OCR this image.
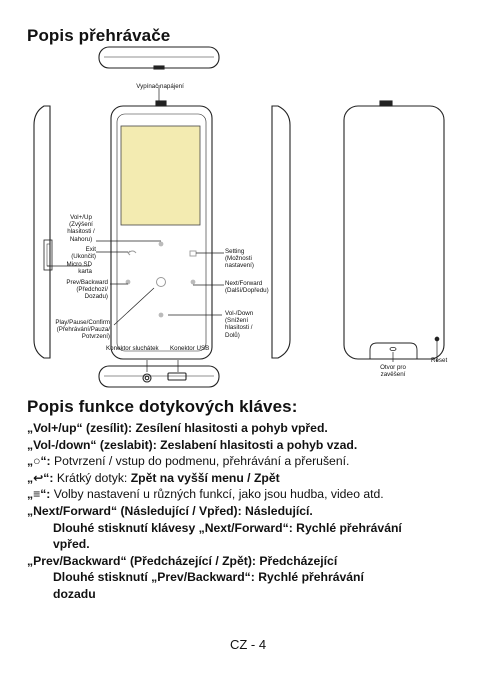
Popis přehrávače
Vypínač napájení
Vol+/Up
(Zvýšení
hlasitosti /
Nahoru)
Exit
(Ukončit)
Micro SD
karta
Prev/Backward
(Předchozí/
Dozadu)
Play/Pause/Confirm
(Přehrávání/Pauza/
Potvrzení)
Setting
(Možnosti
nastavení)
Next/Forward
(Další/Dopředu)
Vol-/Down
(Snížení
hlasitosti /
Dolů)
Konektor sluchátek	Konektor USB
Otvor pro
zavěšení
Reset
Popis funkce dotykových kláves:
„Vol+/up“ (zesílit): Zesílení hlasitosti a pohyb vpřed.
„Vol-/down“ (zeslabit): Zeslabení hlasitosti a pohyb vzad.
„○“: Potvrzení / vstup do podmenu, přehrávání a přerušení.
„↩“: Krátký dotyk: Zpět na vyšší menu / Zpět
„≡“: Volby nastavení u různých funkcí, jako jsou hudba, video atd.
„Next/Forward“ (Následující / Vpřed): Následující.
Dlouhé stisknutí klávesy „Next/Forward“: Rychlé přehrávání
vpřed.
„Prev/Backward“ (Předcházející / Zpět): Předcházející
Dlouhé stisknutí „Prev/Backward“: Rychlé přehrávání
dozadu
CZ - 4
